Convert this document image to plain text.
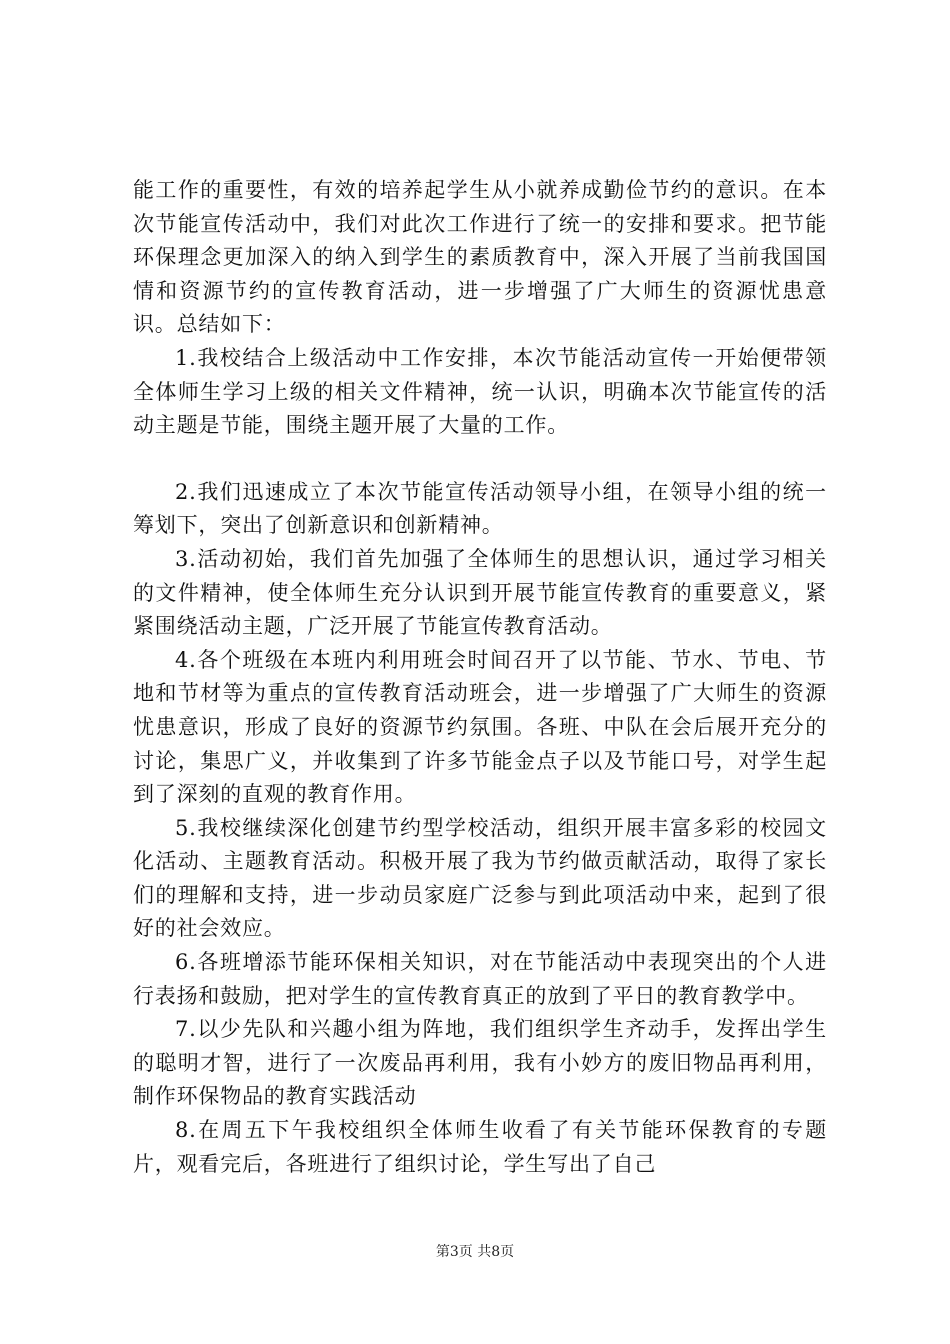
能工作的重要性，有效的培养起学生从小就养成勤俭节约的意识。在本次节能宣传活动中，我们对此次工作进行了统一的安排和要求。把节能环保理念更加深入的纳入到学生的素质教育中，深入开展了当前我国国情和资源节约的宣传教育活动，进一步增强了广大师生的资源忧患意识。总结如下：

1.我校结合上级活动中工作安排，本次节能活动宣传一开始便带领全体师生学习上级的相关文件精神，统一认识，明确本次节能宣传的活动主题是节能，围绕主题开展了大量的工作。

2.我们迅速成立了本次节能宣传活动领导小组，在领导小组的统一筹划下，突出了创新意识和创新精神。

3.活动初始，我们首先加强了全体师生的思想认识，通过学习相关的文件精神，使全体师生充分认识到开展节能宣传教育的重要意义，紧紧围绕活动主题，广泛开展了节能宣传教育活动。

4.各个班级在本班内利用班会时间召开了以节能、节水、节电、节地和节材等为重点的宣传教育活动班会，进一步增强了广大师生的资源忧患意识，形成了良好的资源节约氛围。各班、中队在会后展开充分的讨论，集思广义，并收集到了许多节能金点子以及节能口号，对学生起到了深刻的直观的教育作用。

5.我校继续深化创建节约型学校活动，组织开展丰富多彩的校园文化活动、主题教育活动。积极开展了我为节约做贡献活动，取得了家长们的理解和支持，进一步动员家庭广泛参与到此项活动中来，起到了很好的社会效应。

6.各班增添节能环保相关知识，对在节能活动中表现突出的个人进行表扬和鼓励，把对学生的宣传教育真正的放到了平日的教育教学中。

7.以少先队和兴趣小组为阵地，我们组织学生齐动手，发挥出学生的聪明才智，进行了一次废品再利用，我有小妙方的废旧物品再利用，制作环保物品的教育实践活动

8.在周五下午我校组织全体师生收看了有关节能环保教育的专题片，观看完后，各班进行了组织讨论，学生写出了自己

第3页 共8页
